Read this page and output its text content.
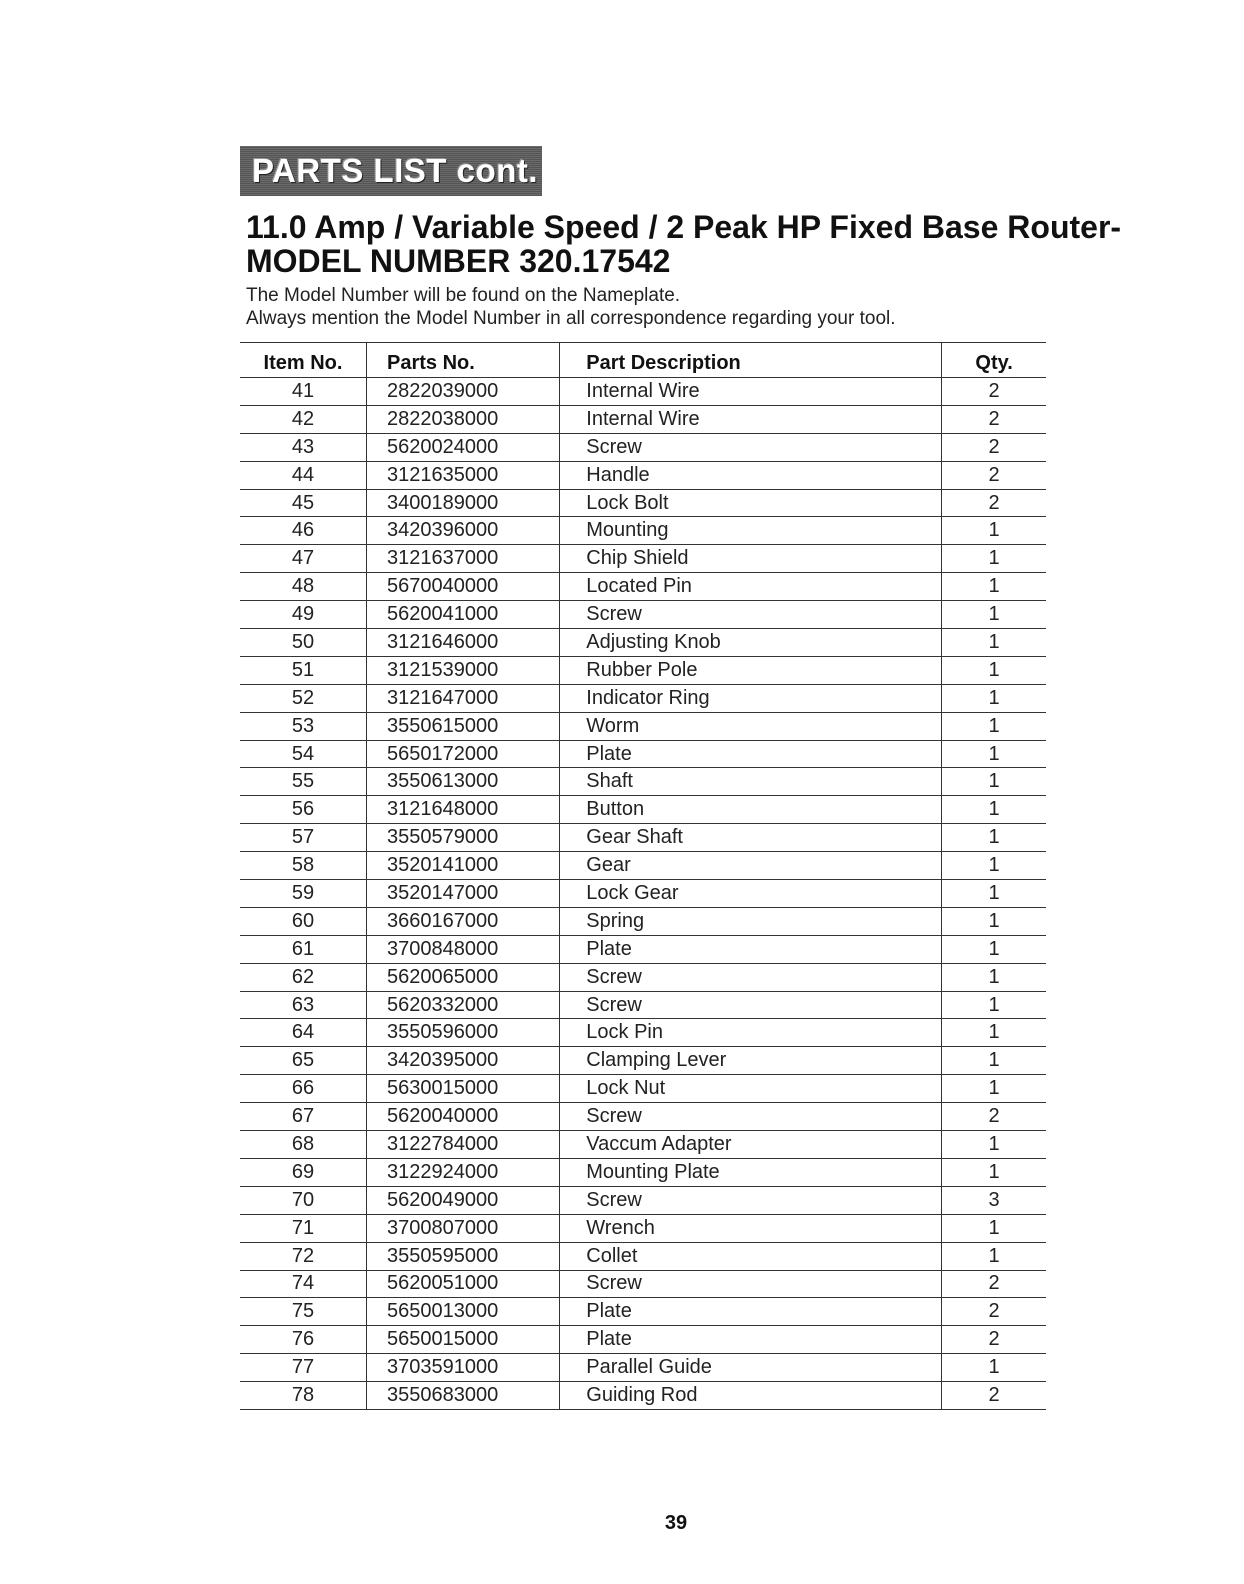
PARTS LIST cont.
11.0 Amp / Variable Speed / 2 Peak HP Fixed Base Router-
MODEL NUMBER 320.17542
The Model Number will be found on the Nameplate.
Always mention the Model Number in all correspondence regarding your tool.
Item No.	Parts No.	Part Description	Qty.
41	2822039000	Internal Wire	2
42	2822038000	Internal Wire	2
43	5620024000	Screw	2
44	3121635000	Handle	2
45	3400189000	Lock Bolt	2
46	3420396000	Mounting	1
47	3121637000	Chip Shield	1
48	5670040000	Located Pin	1
49	5620041000	Screw	1
50	3121646000	Adjusting Knob	1
51	3121539000	Rubber Pole	1
52	3121647000	Indicator Ring	1
53	3550615000	Worm	1
54	5650172000	Plate	1
55	3550613000	Shaft	1
56	3121648000	Button	1
57	3550579000	Gear Shaft	1
58	3520141000	Gear	1
59	3520147000	Lock Gear	1
60	3660167000	Spring	1
61	3700848000	Plate	1
62	5620065000	Screw	1
63	5620332000	Screw	1
64	3550596000	Lock Pin	1
65	3420395000	Clamping Lever	1
66	5630015000	Lock Nut	1
67	5620040000	Screw	2
68	3122784000	Vaccum Adapter	1
69	3122924000	Mounting Plate	1
70	5620049000	Screw	3
71	3700807000	Wrench	1
72	3550595000	Collet	1
74	5620051000	Screw	2
75	5650013000	Plate	2
76	5650015000	Plate	2
77	3703591000	Parallel Guide	1
78	3550683000	Guiding Rod	2
39
